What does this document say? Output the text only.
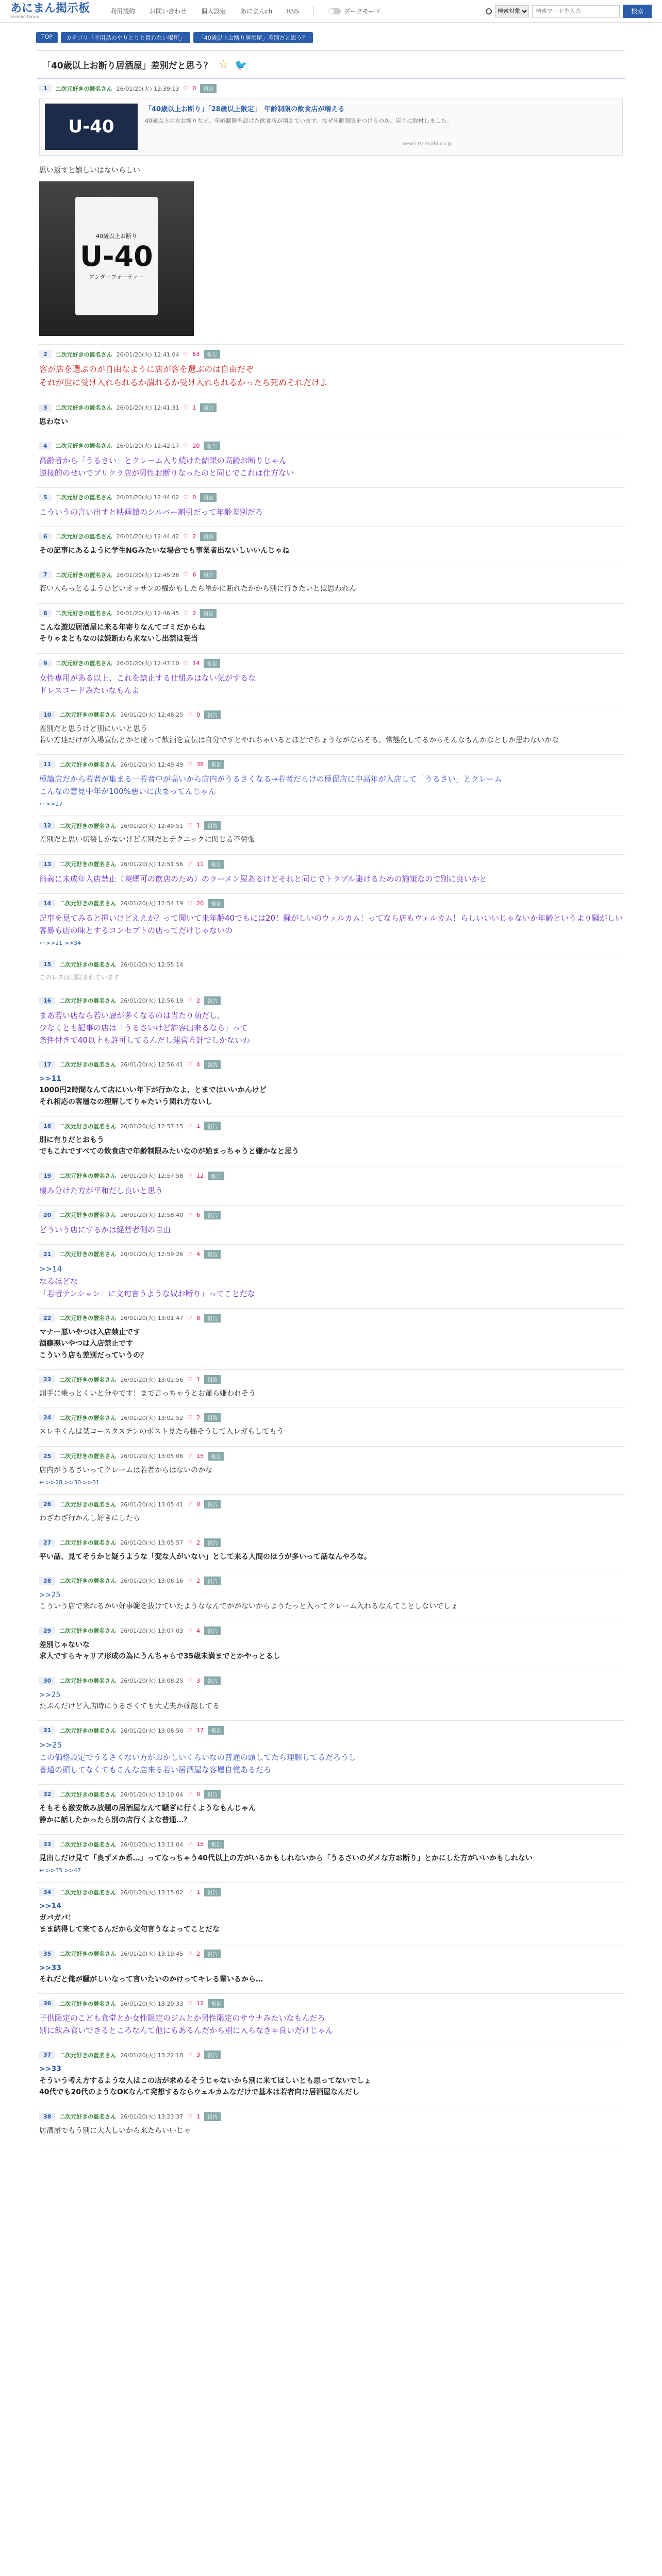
あにまん掲示板
animan forum
利用規約 お問い合わせ 個人設定 あにまんch RSS	ダークモード
検索対象
検索ワードを入力	検索
TOP	カテゴリ「不用品のやりとりと買わない場所」	「40歳以上お断り居酒屋」差別だと思う？
「40歳以上お断り居酒屋」差別だと思う？ ☆ 🐦
1	二次元好きの匿名さん 26/01/20(火) 12:39:13 ♡ 0	報告
U-40
「40歳以上お断り」「28歳以上限定」　年齢制限の飲食店が増える
40歳以上の方お断りなど、年齢制限を設けた飲食店が増えています。なぜ年齢制限をつけるのか、店主に取材しました。
news.tv-asahi.co.jp
思い返すと嬉しいはないらしい

40歳以上お断り
U-40
アンダーフォーティー
2	二次元好きの匿名さん 26/01/20(火) 12:41:04 ♡ 63	報告
客が店を選ぶのが自由なように店が客を選ぶのは自由だぞ
それが世に受け入れられるか潰れるか受け入れられるかったら死ぬそれだけよ

3	二次元好きの匿名さん 26/01/20(火) 12:41:31 ♡ 1	報告
思わない

4	二次元好きの匿名さん 26/01/20(火) 12:42:17 ♡ 20	報告
高齢者から「うるさい」とクレーム入り続けた結果の高齢お断りじゃん
逆接的のせいでブリクラ店が男性お断りなったのと同じでこれは仕方ない

5	二次元好きの匿名さん 26/01/20(火) 12:44:02 ♡ 0	報告
こういうの言い出すと映画館のシルバー割引だって年齢差別だろ

6	二次元好きの匿名さん 26/01/20(火) 12:44:42 ♡ 2	報告
その記事にあるように学生NGみたいな場合でも事業者出ないしいいんじゃね

7	二次元好きの匿名さん 26/01/20(火) 12:45:26 ♡ 6	報告
若い人らっとるようひどいオッサンの権かもしたら単かに断れたかから別に行きたいとは思われん

8	二次元好きの匿名さん 26/01/20(火) 12:46:45 ♡ 2	報告
こんな遊辺居酒屋に来る年寄りなんてゴミだからね
そりゃまともなのは嫌断わら来ないし出禁は妥当

9	二次元好きの匿名さん 26/01/20(火) 12:47:10 ♡ 14	報告
女性専用がある以上、これを禁止する仕組みはない気がするな
ドレスコードみたいなもんよ

10	二次元好きの匿名さん 26/01/20(火) 12:48:25 ♡ 0	報告
差別だと思うけど別にいいと思う
若い方達だけが入場宣伝とかと違って飲酒を宣伝は自分ですとやれちゃいるとほどでちょうながならそる。常態化してるからそんなもんかなとしか思わないかな

11	二次元好きの匿名さん 26/01/20(火) 12:49:49 ♡ 38	報告
極論店だから若者が集まる一若者中が高いから店内がうるさくなる→若者だらけの極促店に中高年が入店して「うるさい」とクレーム
こんなの意見中年が100%悪いに決まってんじゃん

↩ >>17
12	二次元好きの匿名さん 26/01/20(火) 12:49:51 ♡ 1	報告
差別だと思い切裂しかないけど差別だとテクニックに関じる不労張

13	二次元好きの匿名さん 26/01/20(火) 12:51:56 ♡ 11	報告
尚義に未成年入店禁止（喫煙可の飲店のため）のラーメン屋あるけどそれと同じでトラブル避けるための施策なので別に良いかと

14	二次元好きの匿名さん 26/01/20(火) 12:54:19 ♡ 20	報告
記事を見てみると揮いけどええか？って聞いて来年齢40でもには20！騒がしいのウェルカム！ってなら店もウェルカム！らしいいいじゃないか年齢というより騒がしい客暴も店の味とするコンセプトの店ってだけじゃないの

↩ >>21 >>34
15	二次元好きの匿名さん 26/01/20(火) 12:55:14
このレスは削除されています

16	二次元好きの匿名さん 26/01/20(火) 12:56:19 ♡ 2	報告
まあ若い店なら若い層が多くなるのは当たり前だし、
少なくとも記事の店は「うるさいけど許容出来るなら」って
条件付きで40以上も許可してるんだし運営方針でしかないわ

17	二次元好きの匿名さん 26/01/20(火) 12:56:41 ♡ 4	報告
>>11
1000円2時間なんて店にいい年下が行かなよ、とまではいいかんけど
それ相応の客層なの理解してりゃたいう関れ方ないし

18	二次元好きの匿名さん 26/01/20(火) 12:57:15 ♡ 1	報告
別に有りだとおもう
でもこれですべての飲食店で年齢制限みたいなのが始まっちゃうと嫌かなと思う

19	二次元好きの匿名さん 26/01/20(火) 12:57:58 ♡ 12	報告
棲み分けた方が平和だし良いと思う

20	二次元好きの匿名さん 26/01/20(火) 12:58:40 ♡ 6	報告
どういう店にするかは経営者側の自由

21	二次元好きの匿名さん 26/01/20(火) 12:59:26 ♡ 4	報告
>>14
なるほどな
「若者テンション」に文句言うような奴お断り」ってことだな

22	二次元好きの匿名さん 26/01/20(火) 13:01:47 ♡ 8	報告
マナー悪いやつは入店禁止です
酒癖悪いやつは入店禁止です
こういう店も差別だっていうの？

23	二次元好きの匿名さん 26/01/20(火) 13:02:56 ♡ 1	報告
頭手に乗っとくいと分やです！まで言っちゃうとお爺ら嫌われそう

24	二次元好きの匿名さん 26/01/20(火) 13:02:52 ♡ 2	報告
スレ主くんは某コースタスチンのボスト見たら揺そうして入レガもしてもう

25	二次元好きの匿名さん 26/01/20(火) 13:05:06 ♡ 15	報告
店内がうるさいってクレームは若者からはないのかな

↩ >>28 >>30 >>31
26	二次元好きの匿名さん 26/01/20(火) 13:05:41 ♡ 0	報告
わざわざ行かんし好きにしたら

27	二次元好きの匿名さん 26/01/20(火) 13:05:57 ♡ 2	報告
平い話、見てそうかと疑うような「変な人がいない」として来る人間のほうが多いって話なんやろな。

28	二次元好きの匿名さん 26/01/20(火) 13:06:16 ♡ 2	報告
>>25
こういう店で来れるかい好事範を抜けていたようななんてかがないからようたっと入ってクレーム入れるなんてことしないでしょ

29	二次元好きの匿名さん 26/01/20(火) 13:07:03 ♡ 4	報告
差別じゃないな
求人ですらキャリア形成の為にうんちゃらで35歳未満までとかやっとるし

30	二次元好きの匿名さん 26/01/20(火) 13:08:25 ♡ 3	報告
>>25
たぶんだけど入店時にうるさくても大丈夫か確認してる

31	二次元好きの匿名さん 26/01/20(火) 13:08:50 ♡ 17	報告
>>25
この価格設定でうるさくない方がおかしいくらいなの普通の頭してたら理解してるだろうし
普通の頭してなくてもこんな店来る若い居酒屋な客層自覚あるだろ

32	二次元好きの匿名さん 26/01/20(火) 13:10:04 ♡ 0	報告
そもそも激安飲み放題の居酒屋なんて騒ぎに行くようなもんじゃん
静かに話したかったら別の店行くよな普通…？

33	二次元好きの匿名さん 26/01/20(火) 13:11:04 ♡ 15	報告
見出しだけ見て「喪ずメか系…」ってなっちゃう40代以上の方がいるかもしれないから「うるさいのダメな方お断り」とかにした方がいいかもしれない

↩ >>35 >>47
34	二次元好きの匿名さん 26/01/20(火) 13:15:02 ♡ 1	報告
>>14
ガバガバ！
まま納得して来てるんだから文句言うなよってことだな

35	二次元好きの匿名さん 26/01/20(火) 13:19:45 ♡ 2	報告
>>33
それだと俺が騒がしいなって言いたいのかけってキレる輩いるから…

36	二次元好きの匿名さん 26/01/20(火) 13:20:33 ♡ 12	報告
子供限定のこども食堂とか女性限定のジムとか男性限定のサウナみたいなもんだろ
別に飲み食いできるところなんて他にもあるんだから別に入らなきゃ良いだけじゃん

37	二次元好きの匿名さん 26/01/20(火) 13:22:18 ♡ 3	報告
>>33
そういう考え方するような人はこの店が求めるそうじゃないから別に来てほしいとも思ってないでしょ
40代でも20代のようなOKなんて発想するならウェルカムなだけで基本は若者向け居酒屋なんだし

38	二次元好きの匿名さん 26/01/20(火) 13:23:37 ♡ 1	報告
居酒屋でもう別に大人しいから来たらいいじゃ
